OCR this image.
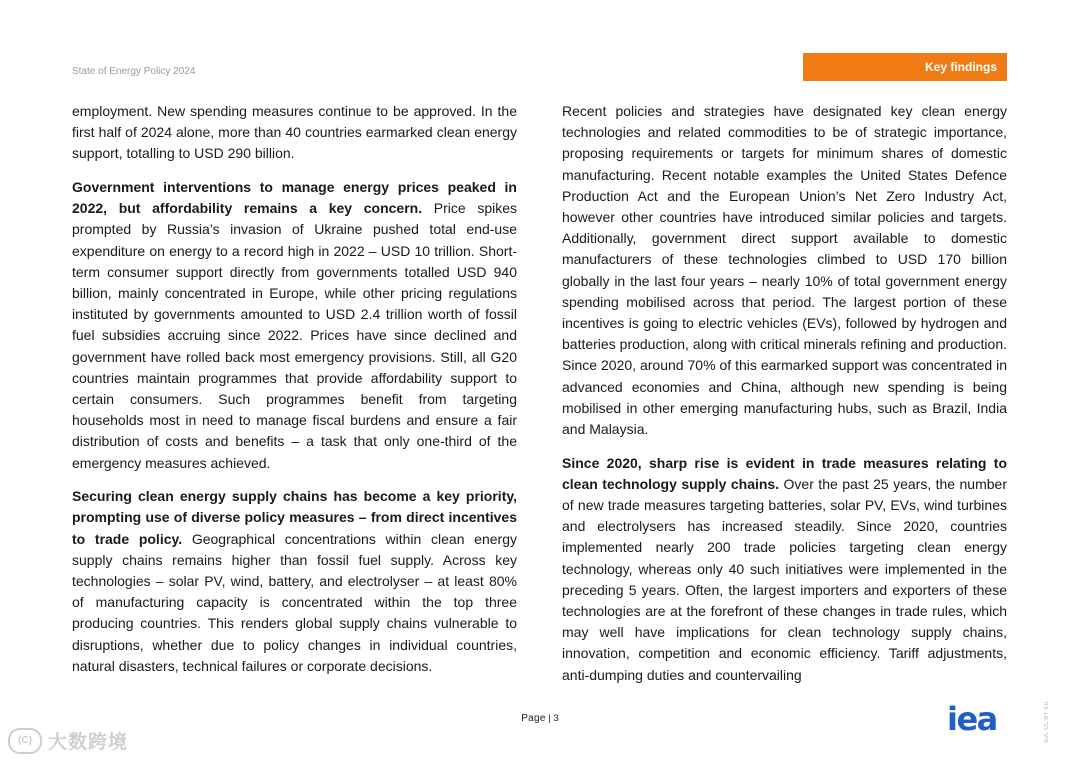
State of Energy Policy 2024	Key findings

employment. New spending measures continue to be approved. In the first half of 2024 alone, more than 40 countries earmarked clean energy support, totalling to USD 290 billion.

Government interventions to manage energy prices peaked in 2022, but affordability remains a key concern. Price spikes prompted by Russia’s invasion of Ukraine pushed total end-use expenditure on energy to a record high in 2022 – USD 10 trillion. Short-term consumer support directly from governments totalled USD 940 billion, mainly concentrated in Europe, while other pricing regulations instituted by governments amounted to USD 2.4 trillion worth of fossil fuel subsidies accruing since 2022. Prices have since declined and government have rolled back most emergency provisions. Still, all G20 countries maintain programmes that provide affordability support to certain consumers. Such programmes benefit from targeting households most in need to manage fiscal burdens and ensure a fair distribution of costs and benefits – a task that only one-third of the emergency measures achieved.

Securing clean energy supply chains has become a key priority, prompting use of diverse policy measures – from direct incentives to trade policy. Geographical concentrations within clean energy supply chains remains higher than fossil fuel supply. Across key technologies – solar PV, wind, battery, and electrolyser – at least 80% of manufacturing capacity is concentrated within the top three producing countries. This renders global supply chains vulnerable to disruptions, whether due to policy changes in individual countries, natural disasters, technical failures or corporate decisions.

Recent policies and strategies have designated key clean energy technologies and related commodities to be of strategic importance, proposing requirements or targets for minimum shares of domestic manufacturing. Recent notable examples the United States Defence Production Act and the European Union’s Net Zero Industry Act, however other countries have introduced similar policies and targets. Additionally, government direct support available to domestic manufacturers of these technologies climbed to USD 170 billion globally in the last four years – nearly 10% of total government energy spending mobilised across that period. The largest portion of these incentives is going to electric vehicles (EVs), followed by hydrogen and batteries production, along with critical minerals refining and production. Since 2020, around 70% of this earmarked support was concentrated in advanced economies and China, although new spending is being mobilised in other emerging manufacturing hubs, such as Brazil, India and Malaysia.

Since 2020, sharp rise is evident in trade measures relating to clean technology supply chains. Over the past 25 years, the number of new trade measures targeting batteries, solar PV, EVs, wind turbines and electrolysers has increased steadily. Since 2020, countries implemented nearly 200 trade policies targeting clean energy technology, whereas only 40 such initiatives were implemented in the preceding 5 years. Often, the largest importers and exporters of these technologies are at the forefront of these changes in trade rules, which may well have implications for clean technology supply chains, innovation, competition and economic efficiency. Tariff adjustments, anti-dumping duties and countervailing

Page | 3	iea	IEA. CC BY 4.0.
(C) 大数跨境
